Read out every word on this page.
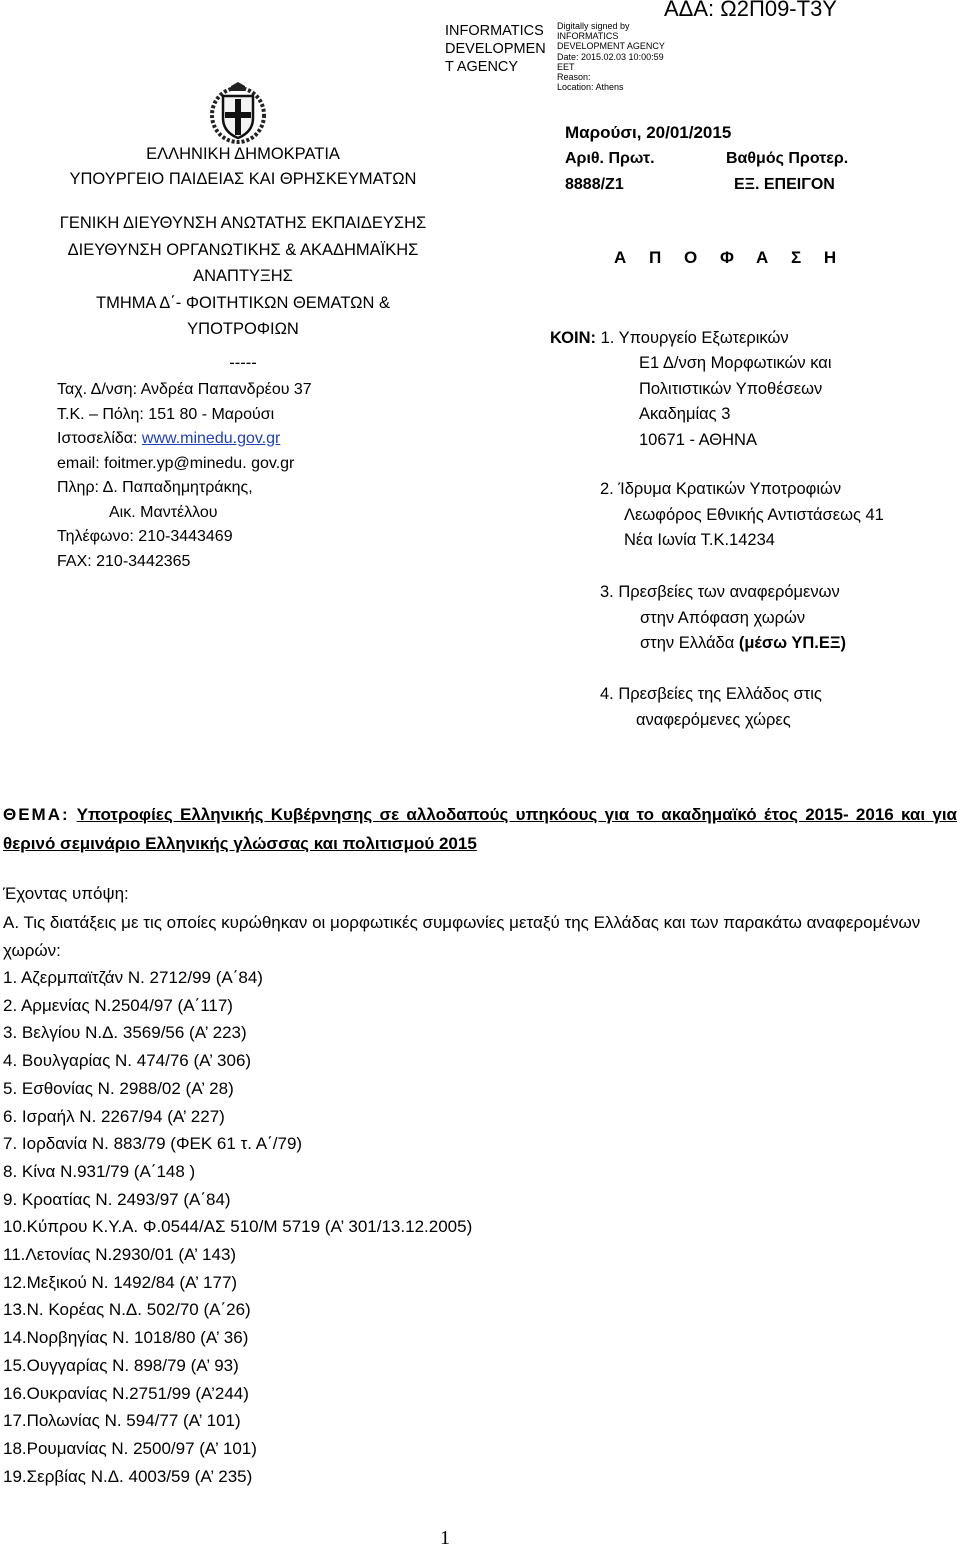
INFORMATICS
DEVELOPMEN
T AGENCY
Digitally signed by
INFORMATICS
DEVELOPMENT AGENCY
Date: 2015.02.03 10:00:59
EET
Reason:
Location: Athens
ΑΔΑ: Ω2Π09-Τ3Υ
ΕΛΛΗΝΙΚΗ ΔΗΜΟΚΡΑΤΙΑ
ΥΠΟΥΡΓΕΙΟ ΠΑΙΔΕΙΑΣ ΚΑΙ ΘΡΗΣΚΕΥΜΑΤΩΝ
ΓΕΝΙΚΗ ΔΙΕΥΘΥΝΣΗ ΑΝΩΤΑΤΗΣ ΕΚΠΑΙΔΕΥΣΗΣ
ΔΙΕΥΘΥΝΣΗ ΟΡΓΑΝΩΤΙΚΗΣ & ΑΚΑΔΗΜΑΪΚΗΣ
ΑΝΑΠΤΥΞΗΣ
ΤΜΗΜΑ Δ΄- ΦΟΙΤΗΤΙΚΩΝ ΘΕΜΑΤΩΝ &
ΥΠΟΤΡΟΦΙΩΝ
-----
Ταχ. Δ/νση: Ανδρέα Παπανδρέου 37
Τ.Κ. – Πόλη: 151 80 - Μαρούσι
Ιστοσελίδα: www.minedu.gov.gr
email: foitmer.yp@minedu. gov.gr
Πληρ: Δ. Παπαδημητράκης,
Αικ. Μαντέλλου
Τηλέφωνο: 210-3443469
FAX: 210-3442365
Μαρούσι, 20/01/2015
Αριθ. Πρωτ.	Βαθμός Προτερ.
8888/Ζ1	ΕΞ. ΕΠΕΙΓΟΝ
Α Π Ο Φ Α Σ Η
ΚΟΙΝ: 1. Υπουργείο Εξωτερικών
Ε1 Δ/νση Μορφωτικών και
Πολιτιστικών Υποθέσεων
Ακαδημίας 3
10671 - ΑΘΗΝΑ
2. Ίδρυμα Κρατικών Υποτροφιών
Λεωφόρος Εθνικής Αντιστάσεως 41
Νέα Ιωνία Τ.Κ.14234
3. Πρεσβείες των αναφερόμενων
στην Απόφαση χωρών
στην Ελλάδα (μέσω ΥΠ.ΕΞ)
4. Πρεσβείες της Ελλάδος στις
αναφερόμενες χώρες
ΘΕΜΑ: Υποτροφίες Ελληνικής Κυβέρνησης σε αλλοδαπούς υπηκόους για το ακαδημαϊκό έτος 2015- 2016 και για θερινό σεμινάριο Ελληνικής γλώσσας και πολιτισμού 2015
Έχοντας υπόψη:
Α. Τις διατάξεις με τις οποίες κυρώθηκαν οι μορφωτικές συμφωνίες μεταξύ της Ελλάδας και των παρακάτω αναφερομένων χωρών:
1. Αζερμπαϊτζάν Ν. 2712/99 (Α΄84)
2. Αρμενίας Ν.2504/97 (Α΄117)
3. Βελγίου Ν.Δ. 3569/56 (Α’ 223)
4. Βουλγαρίας Ν. 474/76 (Α’ 306)
5. Εσθονίας Ν. 2988/02 (Α’ 28)
6. Ισραήλ Ν. 2267/94 (Α’ 227)
7. Ιορδανία Ν. 883/79 (ΦΕΚ 61 τ. Α΄/79)
8. Κίνα Ν.931/79 (Α΄148 )
9. Κροατίας Ν. 2493/97 (Α΄84)
10.Κύπρου Κ.Υ.Α. Φ.0544/ΑΣ 510/Μ 5719 (Α’ 301/13.12.2005)
11.Λετονίας Ν.2930/01 (Α’ 143)
12.Μεξικού Ν. 1492/84 (Α’ 177)
13.Ν. Κορέας Ν.Δ. 502/70 (Α΄26)
14.Νορβηγίας Ν. 1018/80 (Α’ 36)
15.Ουγγαρίας Ν. 898/79 (Α’ 93)
16.Ουκρανίας Ν.2751/99 (Α’244)
17.Πολωνίας Ν. 594/77 (Α’ 101)
18.Ρουμανίας Ν. 2500/97 (Α’ 101)
19.Σερβίας Ν.Δ. 4003/59 (Α’ 235)
1
